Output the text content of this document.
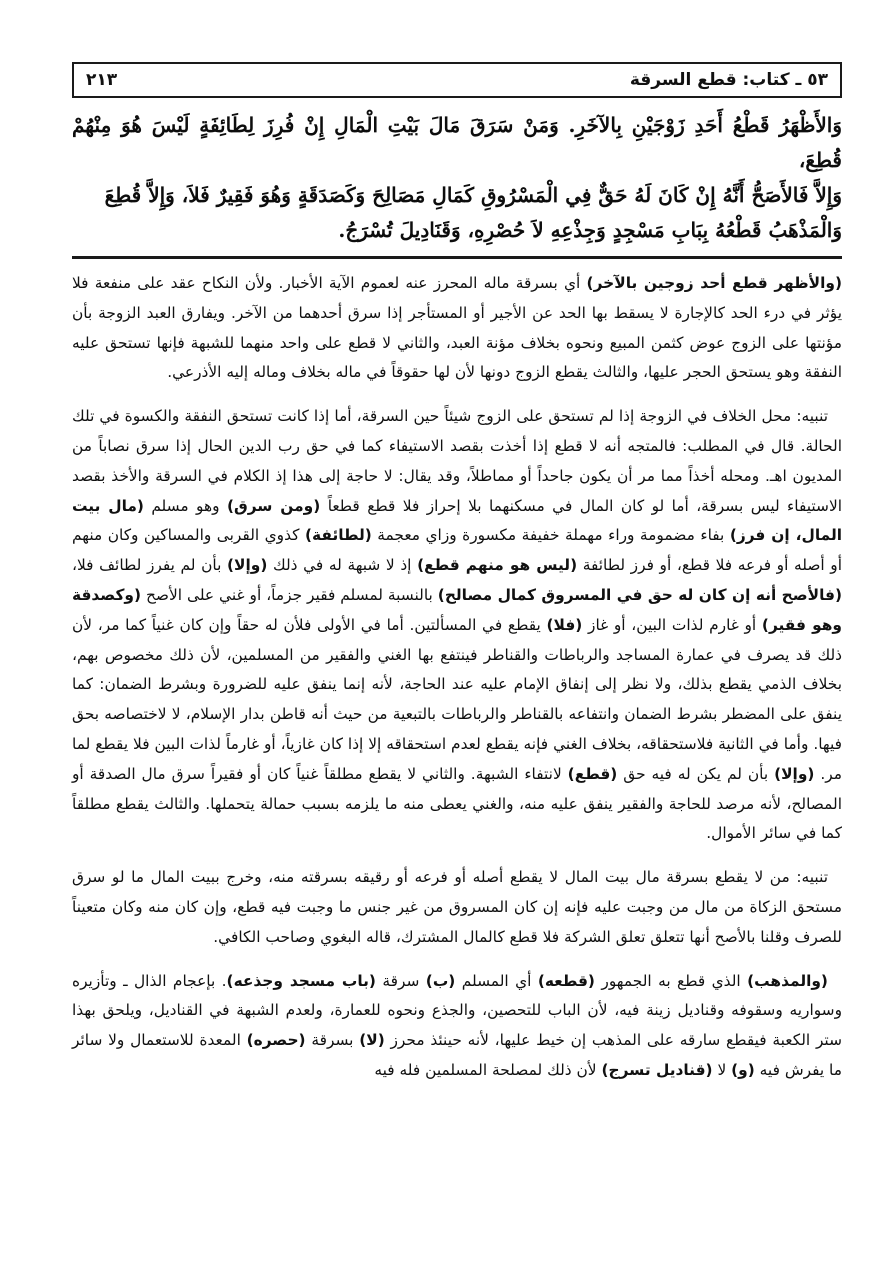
٥٣ ـ كتاب: قطع السرقة
٢١٣

وَالأَظْهَرُ قَطْعُ أَحَدِ زَوْجَيْنِ بِالآخَرِ. وَمَنْ سَرَقَ مَالَ بَيْتِ الْمَالِ إِنْ فُرِزَ لِطَائِفَةٍ لَيْسَ هُوَ مِنْهُمْ قُطِعَ،

وَإِلاَّ فَالأَصَحُّ أَنَّهُ إِنْ كَانَ لَهُ حَقٌّ فِي الْمَسْرُوقِ كَمَالِ مَصَالِحَ وَكَصَدَقَةٍ وَهُوَ فَقِيرٌ فَلاَ، وَإِلاَّ قُطِعَ

وَالْمَذْهَبُ قَطْعُهُ بِبَابِ مَسْجِدٍ وَجِذْعِهِ لاَ حُصْرِهِ، وَقَنَادِيلَ تُسْرَجُ.

(والأظهر قطع أحد زوجين بالآخر) أي بسرقة ماله المحرز عنه لعموم الآية الأخبار. ولأن النكاح عقد على منفعة فلا يؤثر في درء الحد كالإجارة لا يسقط بها الحد عن الأجير أو المستأجر إذا سرق أحدهما من الآخر. ويفارق العبد الزوجة بأن مؤنتها على الزوج عوض كثمن المبيع ونحوه بخلاف مؤنة العبد، والثاني لا قطع على واحد منهما للشبهة فإنها تستحق عليه النفقة وهو يستحق الحجر عليها، والثالث يقطع الزوج دونها لأن لها حقوقاً في ماله بخلاف وماله إليه الأذرعي.

تنبيه: محل الخلاف في الزوجة إذا لم تستحق على الزوج شيئاً حين السرقة، أما إذا كانت تستحق النفقة والكسوة في تلك الحالة. قال في المطلب: فالمتجه أنه لا قطع إذا أخذت بقصد الاستيفاء كما في حق رب الدين الحال إذا سرق نصاباً من المديون اهـ. ومحله أخذاً مما مر أن يكون جاحداً أو مماطلاً، وقد يقال: لا حاجة إلى هذا إذ الكلام في السرقة والأخذ بقصد الاستيفاء ليس بسرقة، أما لو كان المال في مسكنهما بلا إحراز فلا قطع قطعاً (ومن سرق) وهو مسلم (مال بيت المال، إن فرز) بفاء مضمومة وراء مهملة خفيفة مكسورة وزاي معجمة (لطائفة) كذوي القربى والمساكين وكان منهم أو أصله أو فرعه فلا قطع، أو فرز لطائفة (ليس هو منهم قطع) إذ لا شبهة له في ذلك (وإلا) بأن لم يفرز لطائف فلا، (فالأصح أنه إن كان له حق في المسروق كمال مصالح) بالنسبة لمسلم فقير جزماً، أو غني على الأصح (وكصدقة وهو فقير) أو غارم لذات البين، أو غاز (فلا) يقطع في المسألتين. أما في الأولى فلأن له حقاً وإن كان غنياً كما مر، لأن ذلك قد يصرف في عمارة المساجد والرباطات والقناطر فينتفع بها الغني والفقير من المسلمين، لأن ذلك مخصوص بهم، بخلاف الذمي يقطع بذلك، ولا نظر إلى إنفاق الإمام عليه عند الحاجة، لأنه إنما ينفق عليه للضرورة وبشرط الضمان: كما ينفق على المضطر بشرط الضمان وانتفاعه بالقناطر والرباطات بالتبعية من حيث أنه قاطن بدار الإسلام، لا لاختصاصه بحق فيها. وأما في الثانية فلاستحقاقه، بخلاف الغني فإنه يقطع لعدم استحقاقه إلا إذا كان غازياً، أو غارماً لذات البين فلا يقطع لما مر. (وإلا) بأن لم يكن له فيه حق (قطع) لانتفاء الشبهة. والثاني لا يقطع مطلقاً غنياً كان أو فقيراً سرق مال الصدقة أو المصالح، لأنه مرصد للحاجة والفقير ينفق عليه منه، والغني يعطى منه ما يلزمه بسبب حمالة يتحملها. والثالث يقطع مطلقاً كما في سائر الأموال.

تنبيه: من لا يقطع بسرقة مال بيت المال لا يقطع أصله أو فرعه أو رقيقه بسرقته منه، وخرج ببيت المال ما لو سرق مستحق الزكاة من مال من وجبت عليه فإنه إن كان المسروق من غير جنس ما وجبت فيه قطع، وإن كان منه وكان متعيناً للصرف وقلنا بالأصح أنها تتعلق تعلق الشركة فلا قطع كالمال المشترك، قاله البغوي وصاحب الكافي.

(والمذهب) الذي قطع به الجمهور (قطعه) أي المسلم (ب) سرقة (باب مسجد وجذعه). بإعجام الذال ـ وتأزيره وسواريه وسقوفه وقناديل زينة فيه، لأن الباب للتحصين، والجذع ونحوه للعمارة، ولعدم الشبهة في القناديل، ويلحق بهذا ستر الكعبة فيقطع سارقه على المذهب إن خيط عليها، لأنه حينئذ محرز (لا) بسرقة (حصره) المعدة للاستعمال ولا سائر ما يفرش فيه (و) لا (قناديل تسرج) لأن ذلك لمصلحة المسلمين فله فيه
